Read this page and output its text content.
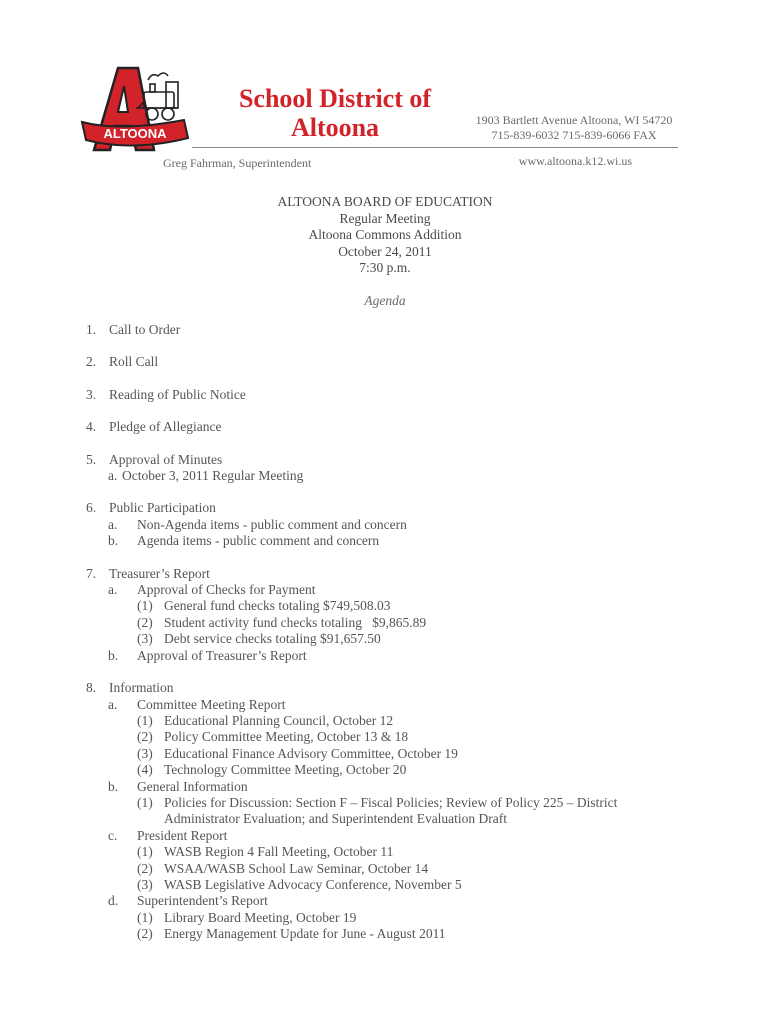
ALTOONA
School District of
Altoona	1903 Bartlett Avenue Altoona, WI 54720
715-839-6032 715-839-6066 FAX
Greg Fahrman, Superintendent	www.altoona.k12.wi.us
ALTOONA BOARD OF EDUCATION
Regular Meeting
Altoona Commons Addition
October 24, 2011
7:30 p.m.
Agenda
1. Call to Order
2. Roll Call
3. Reading of Public Notice
4. Pledge of Allegiance
5. Approval of Minutes
a. October 3, 2011 Regular Meeting
6. Public Participation
a.	Non-Agenda items - public comment and concern
b.	Agenda items - public comment and concern
7. Treasurer’s Report
a.	Approval of Checks for Payment
(1) General fund checks totaling $749,508.03
(2) Student activity fund checks totaling   $9,865.89
(3) Debt service checks totaling $91,657.50
b.	Approval of Treasurer’s Report
8. Information
a.	Committee Meeting Report
(1) Educational Planning Council, October 12
(2) Policy Committee Meeting, October 13 & 18
(3) Educational Finance Advisory Committee, October 19
(4) Technology Committee Meeting, October 20
b.	General Information
(1) Policies for Discussion: Section F – Fiscal Policies; Review of Policy 225 – District
Administrator Evaluation; and Superintendent Evaluation Draft
c.	President Report
(1) WASB Region 4 Fall Meeting, October 11
(2) WSAA/WASB School Law Seminar, October 14
(3) WASB Legislative Advocacy Conference, November 5
d.	Superintendent’s Report
(1) Library Board Meeting, October 19
(2) Energy Management Update for June - August 2011
